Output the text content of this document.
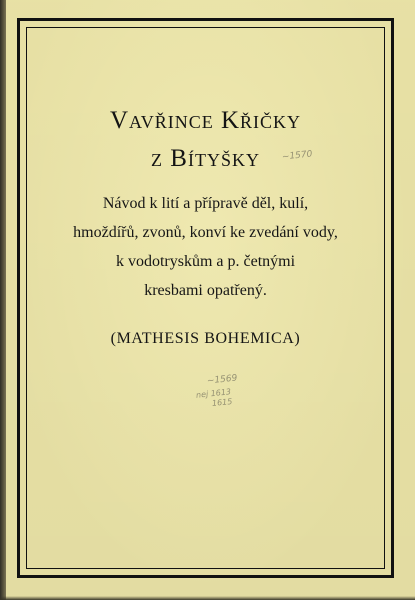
Vavřince Křičky
z Bítyšky	~1570
Návod k lití a přípravě děl, kulí,
hmoždířů, zvonů, konví ke zvedání vody,
k vodotryskům a p. četnými
kresbami opatřený.
(MATHESIS BOHEMICA)
~1569
nej 1613
1615
